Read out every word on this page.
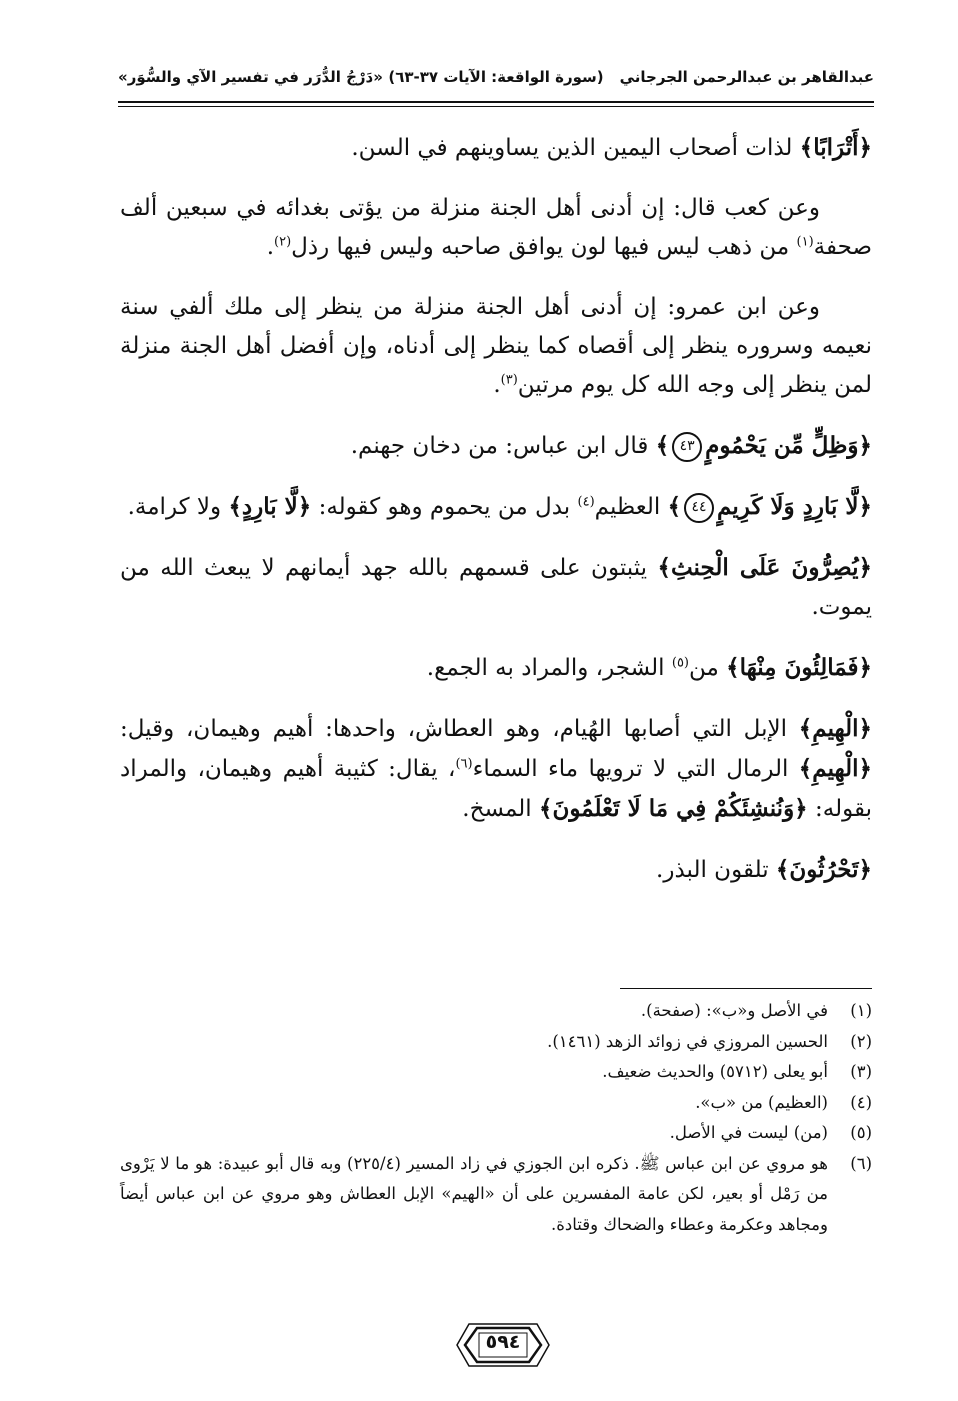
عبدالقاهر بن عبدالرحمن الجرجاني
(سورة الواقعة: الآيات ٣٧-٦٣)
«دَرْجُ الدُّرَر في تفسير الآي والسُّوَر»

﴿أَتْرَابًا﴾ لذات أصحاب اليمين الذين يساوينهم في السن.

وعن كعب قال: إن أدنى أهل الجنة منزلة من يؤتى بغدائه في سبعين ألف صحفة$^{(١)}$ من ذهب ليس فيها لون يوافق صاحبه وليس فيها رذل$^{(٢)}$.

وعن ابن عمرو: إن أدنى أهل الجنة منزلة من ينظر إلى ملك ألفي سنة نعيمه وسروره ينظر إلى أقصاه كما ينظر إلى أدناه، وإن أفضل أهل الجنة منزلة لمن ينظر إلى وجه الله كل يوم مرتين$^{(٣)}$.

﴿وَظِلٍّ مِّن يَحْمُومٍ٤٣﴾ قال ابن عباس: من دخان جهنم.

﴿لَّا بَارِدٍ وَلَا كَرِيمٍ٤٤﴾ العظيم$^{(٤)}$ بدل من يحموم وهو كقوله: ﴿لَّا بَارِدٍ﴾ ولا كرامة.

﴿يُصِرُّونَ عَلَى الْحِنثِ﴾ يثبتون على قسمهم بالله جهد أيمانهم لا يبعث الله من يموت.

﴿فَمَالِئُونَ مِنْهَا﴾ من$^{(٥)}$ الشجر، والمراد به الجمع.

﴿الْهِيمِ﴾ الإبل التي أصابها الهُيام، وهو العطاش، واحدها: أهيم وهيمان، وقيل: ﴿الْهِيمِ﴾ الرمال التي لا ترويها ماء السماء$^{(٦)}$، يقال: كثيبة أهيم وهيمان، والمراد بقوله: ﴿وَنُنشِئَكُمْ فِي مَا لَا تَعْلَمُونَ﴾ المسخ.

﴿تَحْرُثُونَ﴾ تلقون البذر.

(١)
في الأصل و«ب»: (صفحة).
(٢)
الحسين المروزي في زوائد الزهد (١٤٦١).
(٣)
أبو يعلى (٥٧١٢) والحديث ضعيف.
(٤)
(العظيم) من «ب».
(٥)
(من) ليست في الأصل.
(٦)
هو مروي عن ابن عباس ﷺ. ذكره ابن الجوزي في زاد المسير (٢٢٥/٤) وبه قال أبو عبيدة: هو ما لا يَرْوى من رَمْل أو بعير، لكن عامة المفسرين على أن «الهيم» الإبل العطاش وهو مروي عن ابن عباس أيضاً ومجاهد وعكرمة وعطاء والضحاك وقتادة.
٥٩٤
